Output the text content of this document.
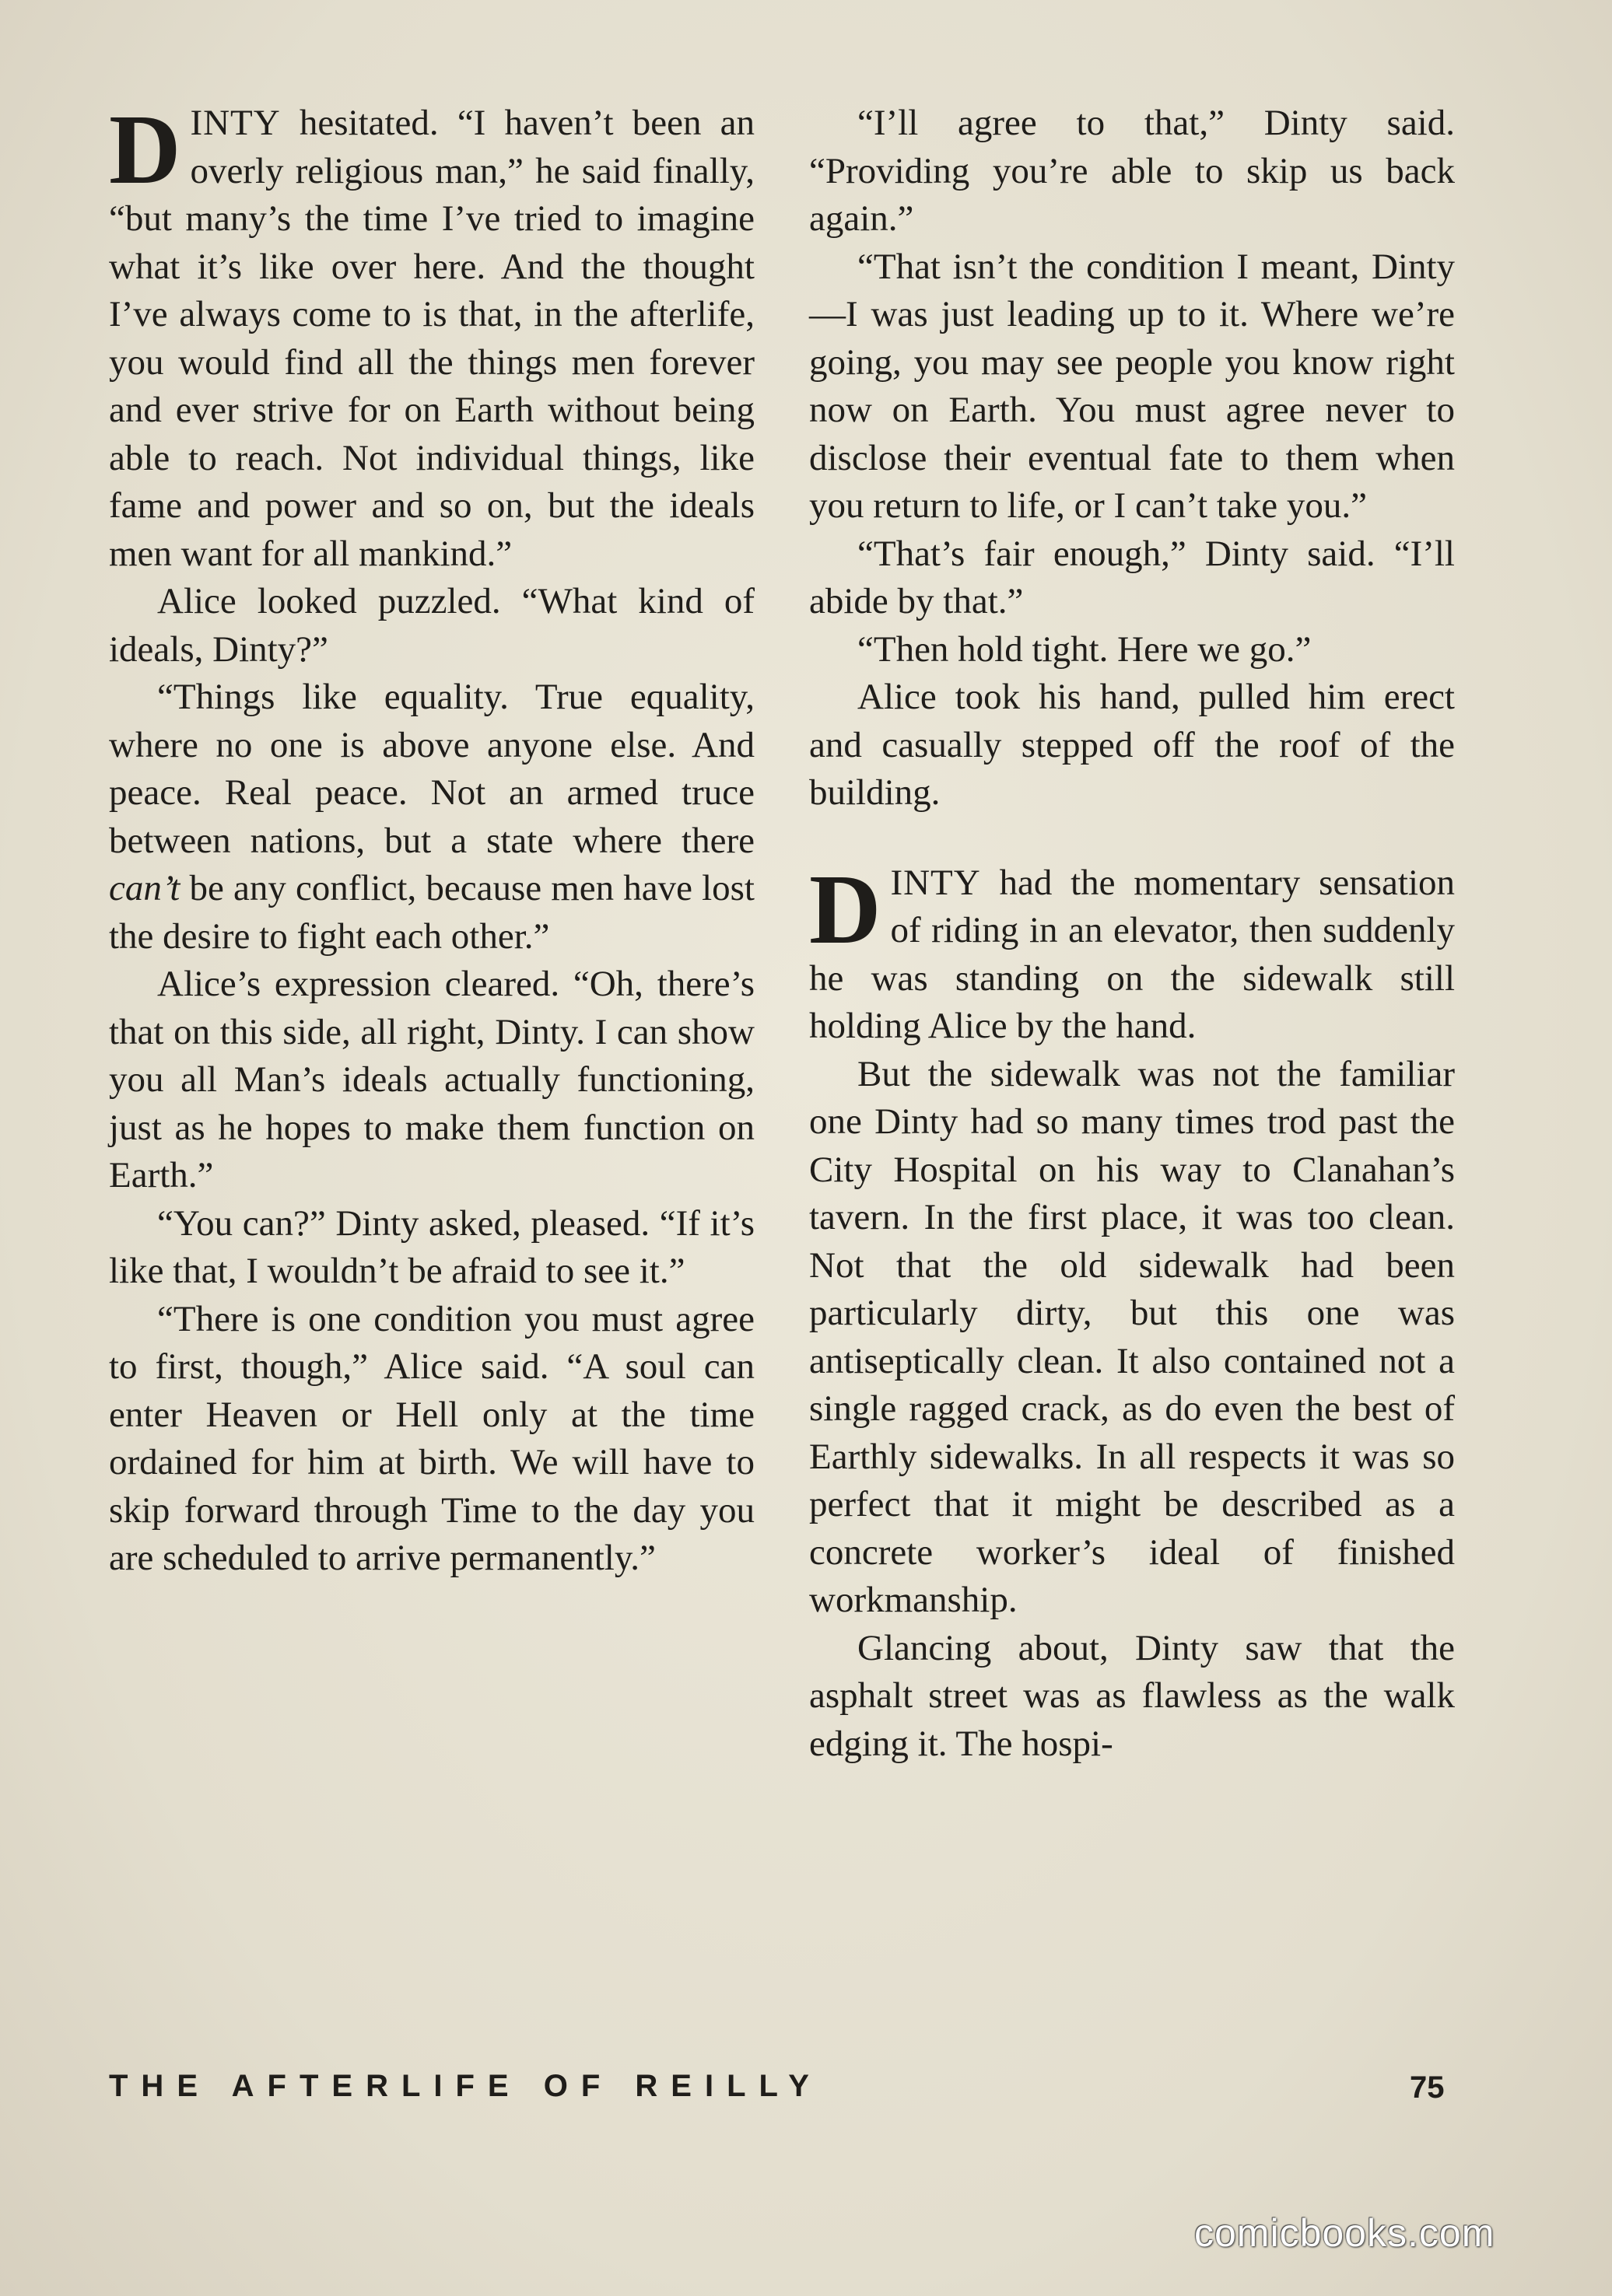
DINTY hesitated. “I haven’t been an overly religious man,” he said finally, “but many’s the time I’ve tried to imagine what it’s like over here. And the thought I’ve always come to is that, in the afterlife, you would find all the things men forever and ever strive for on Earth without being able to reach. Not individual things, like fame and power and so on, but the ideals men want for all mankind.”

Alice looked puzzled. “What kind of ideals, Dinty?”

“Things like equality. True equality, where no one is above anyone else. And peace. Real peace. Not an armed truce between nations, but a state where there can’t be any conflict, because men have lost the desire to fight each other.”

Alice’s expression cleared. “Oh, there’s that on this side, all right, Dinty. I can show you all Man’s ideals actually functioning, just as he hopes to make them function on Earth.”

“You can?” Dinty asked, pleased. “If it’s like that, I wouldn’t be afraid to see it.”

“There is one condition you must agree to first, though,” Alice said. “A soul can enter Heaven or Hell only at the time ordained for him at birth. We will have to skip forward through Time to the day you are scheduled to arrive permanently.”

“I’ll agree to that,” Dinty said. “Providing you’re able to skip us back again.”

“That isn’t the condition I meant, Dinty—I was just leading up to it. Where we’re going, you may see people you know right now on Earth. You must agree never to disclose their eventual fate to them when you return to life, or I can’t take you.”

“That’s fair enough,” Dinty said. “I’ll abide by that.”

“Then hold tight. Here we go.”

Alice took his hand, pulled him erect and casually stepped off the roof of the building.

DINTY had the momentary sensation of riding in an elevator, then suddenly he was standing on the sidewalk still holding Alice by the hand.

But the sidewalk was not the familiar one Dinty had so many times trod past the City Hospital on his way to Clanahan’s tavern. In the first place, it was too clean. Not that the old sidewalk had been particularly dirty, but this one was antiseptically clean. It also contained not a single ragged crack, as do even the best of Earthly sidewalks. In all respects it was so perfect that it might be described as a concrete worker’s ideal of finished workmanship.

Glancing about, Dinty saw that the asphalt street was as flawless as the walk edging it. The hospi-

THE AFTERLIFE OF REILLY	75
comicbooks.com
